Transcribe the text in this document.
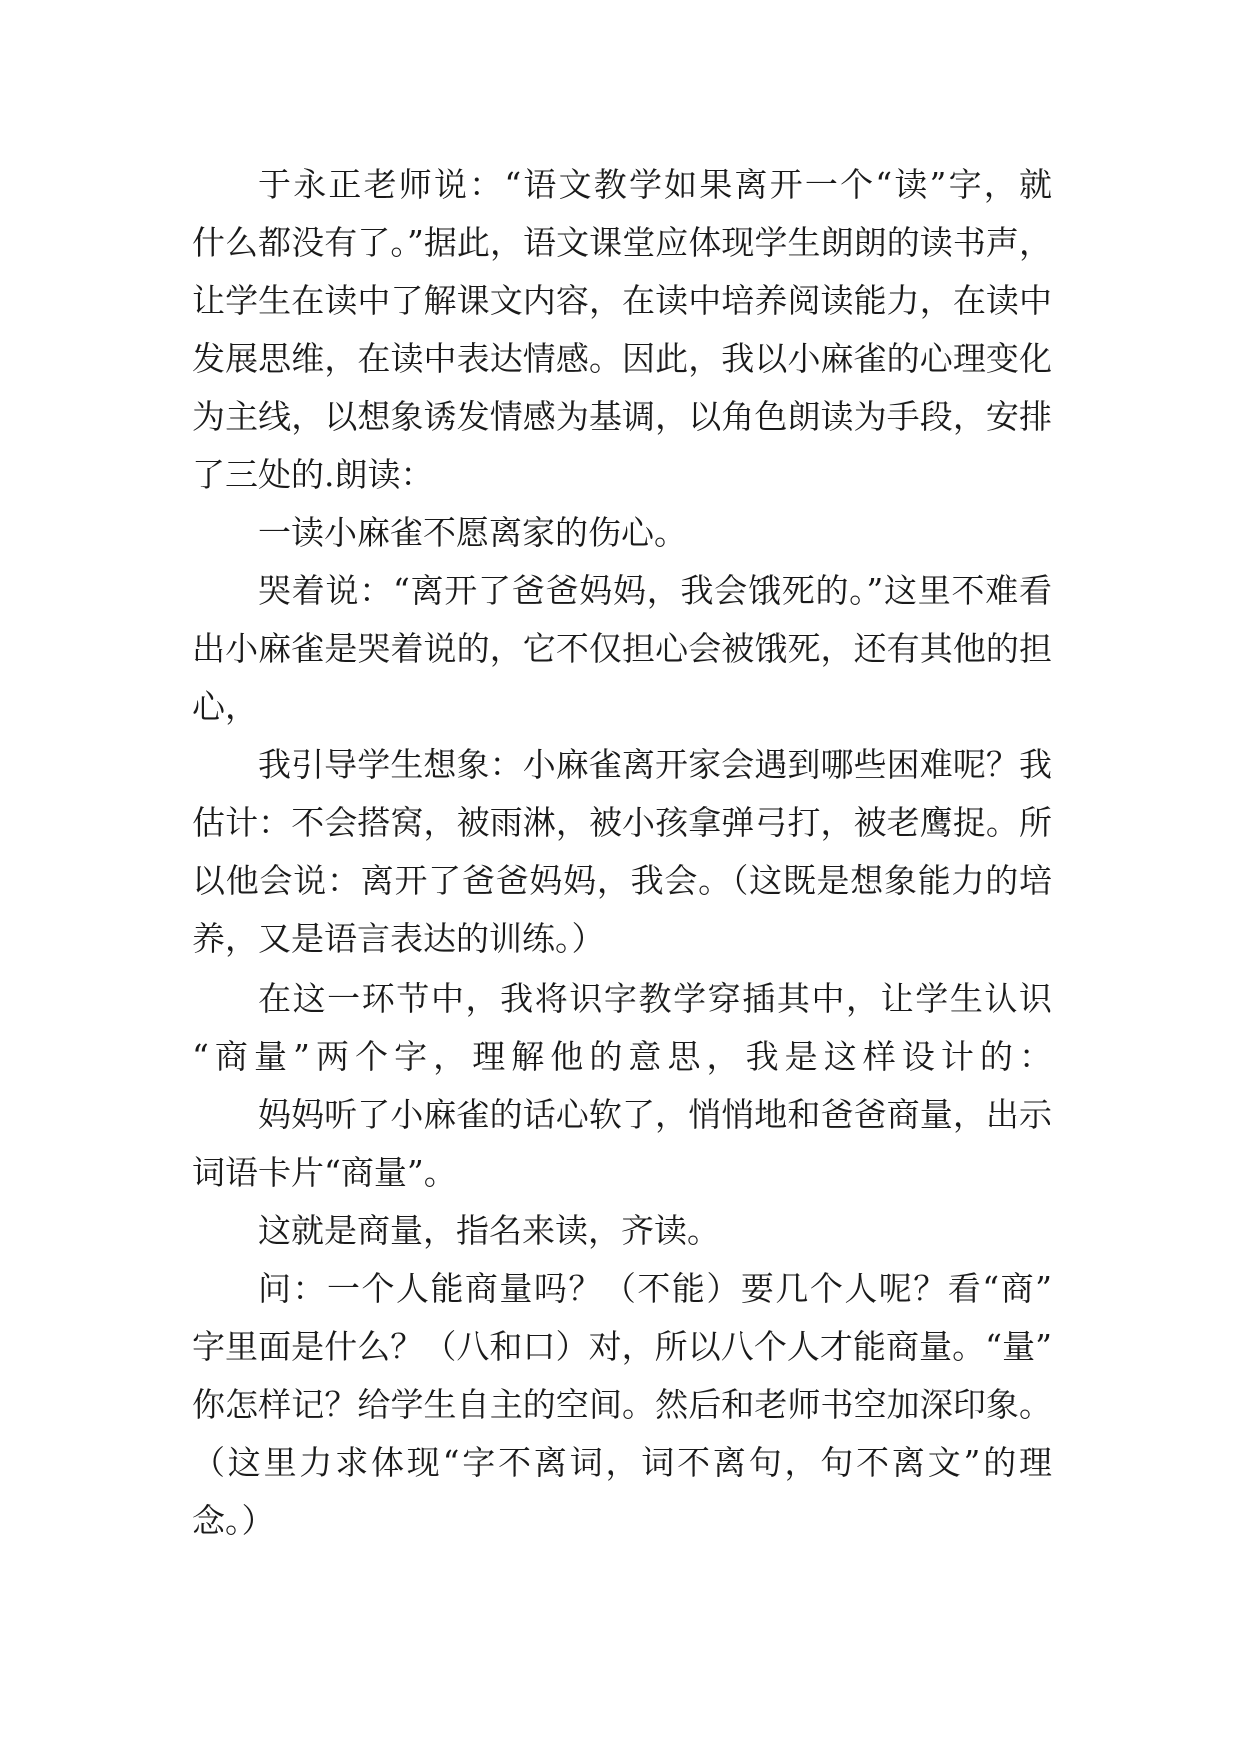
于永正老师说：“语文教学如果离开一个“读”字，就
什么都没有了。”据此，语文课堂应体现学生朗朗的读书声，
让学生在读中了解课文内容，在读中培养阅读能力，在读中
发展思维，在读中表达情感。因此，我以小麻雀的心理变化
为主线，以想象诱发情感为基调，以角色朗读为手段，安排
了三处的.朗读：
一读小麻雀不愿离家的伤心。
哭着说：“离开了爸爸妈妈，我会饿死的。”这里不难看
出小麻雀是哭着说的，它不仅担心会被饿死，还有其他的担
心，
我引导学生想象：小麻雀离开家会遇到哪些困难呢？我
估计：不会搭窝，被雨淋，被小孩拿弹弓打，被老鹰捉。所
以他会说：离开了爸爸妈妈，我会。（这既是想象能力的培
养，又是语言表达的训练。）
在这一环节中，我将识字教学穿插其中，让学生认识
“商量”两个字，理解他的意思，我是这样设计的：
妈妈听了小麻雀的话心软了，悄悄地和爸爸商量，出示
词语卡片“商量”。
这就是商量，指名来读，齐读。
问：一个人能商量吗？（不能）要几个人呢？看“商”
字里面是什么？（八和口）对，所以八个人才能商量。“量”
你怎样记？给学生自主的空间。然后和老师书空加深印象。
（这里力求体现“字不离词，词不离句，句不离文”的理
念。）
